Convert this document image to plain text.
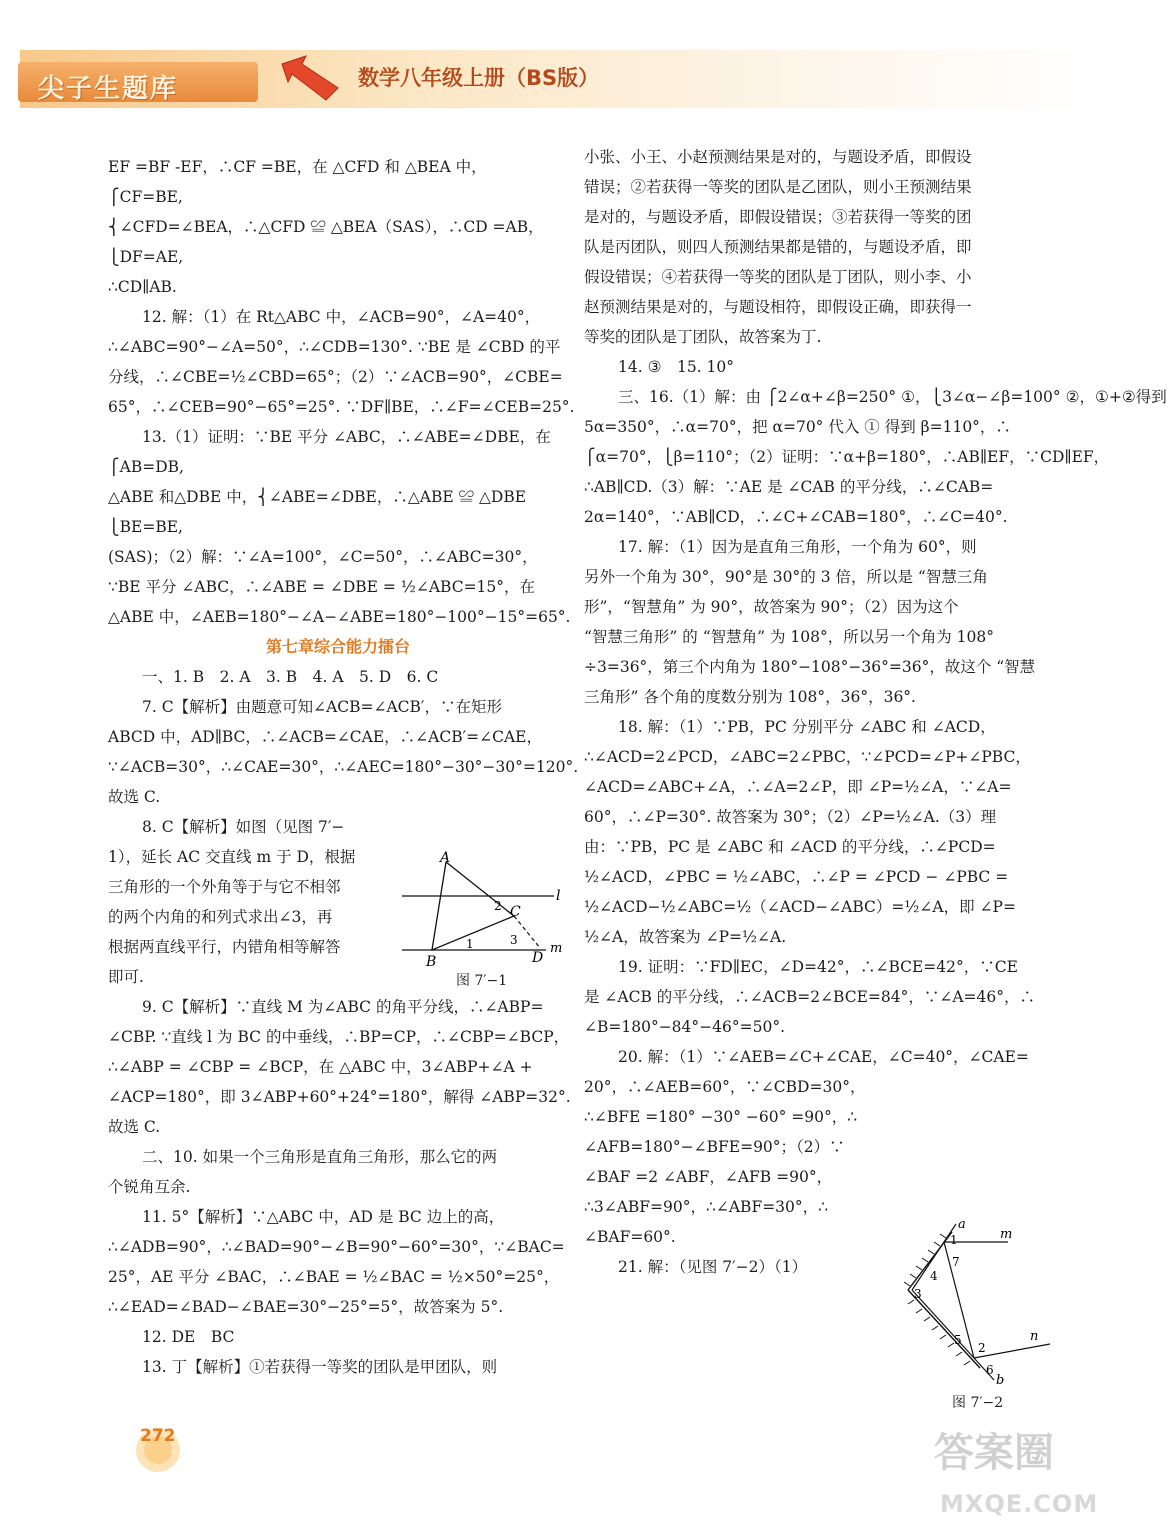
尖子生题库	数学八年级上册（BS版）
EF =BF -EF，∴CF =BE，在 △CFD 和 △BEA 中，
⎧CF=BE,
⎨∠CFD=∠BEA，∴△CFD ≌ △BEA（SAS），∴CD =AB，
⎩DF=AE,
∴CD∥AB.
12. 解：（1）在 Rt△ABC 中，∠ACB=90°，∠A=40°，
∴∠ABC=90°−∠A=50°，∴∠CDB=130°. ∵BE 是 ∠CBD 的平
分线，∴∠CBE=½∠CBD=65°；（2）∵∠ACB=90°，∠CBE=
65°，∴∠CEB=90°−65°=25°. ∵DF∥BE，∴∠F=∠CEB=25°.
13.（1）证明：∵BE 平分 ∠ABC，∴∠ABE=∠DBE，在
⎧AB=DB,
△ABE 和△DBE 中，⎨∠ABE=∠DBE，∴△ABE ≌ △DBE
⎩BE=BE,
(SAS)；（2）解：∵∠A=100°，∠C=50°，∴∠ABC=30°，
∵BE 平分 ∠ABC，∴∠ABE = ∠DBE = ½∠ABC=15°，在
△ABE 中，∠AEB=180°−∠A−∠ABE=180°−100°−15°=65°.
第七章综合能力擂台
一、1. B　2. A　3. B　4. A　5. D　6. C
7. C【解析】由题意可知∠ACB=∠ACB′，∵在矩形
ABCD 中，AD∥BC，∴∠ACB=∠CAE，∴∠ACB′=∠CAE，
∵∠ACB=30°，∴∠CAE=30°，∴∠AEC=180°−30°−30°=120°.
故选 C.
8. C【解析】如图（见图 7′−
1），延长 AC 交直线 m 于 D，根据
三角形的一个外角等于与它不相邻
的两个内角的和列式求出∠3，再
根据两直线平行，内错角相等解答
即可.
9. C【解析】∵直线 M 为∠ABC 的角平分线，∴∠ABP=
∠CBP. ∵直线 l 为 BC 的中垂线，∴BP=CP，∴∠CBP=∠BCP，
∴∠ABP = ∠CBP = ∠BCP，在 △ABC 中，3∠ABP+∠A +
∠ACP=180°，即 3∠ABP+60°+24°=180°，解得 ∠ABP=32°.
故选 C.
二、10. 如果一个三角形是直角三角形，那么它的两
个锐角互余.
11. 5°【解析】∵△ABC 中，AD 是 BC 边上的高，
∴∠ADB=90°，∴∠BAD=90°−∠B=90°−60°=30°，∵∠BAC=
25°，AE 平分 ∠BAC，∴∠BAE = ½∠BAC = ½×50°=25°，
∴∠EAD=∠BAD−∠BAE=30°−25°=5°，故答案为 5°.
12. DE　BC
13. 丁【解析】①若获得一等奖的团队是甲团队，则
A
B
C
D
l
m
1
2
3
图 7′−1
小张、小王、小赵预测结果是对的，与题设矛盾，即假设
错误；②若获得一等奖的团队是乙团队，则小王预测结果
是对的，与题设矛盾，即假设错误；③若获得一等奖的团
队是丙团队，则四人预测结果都是错的，与题设矛盾，即
假设错误；④若获得一等奖的团队是丁团队，则小李、小
赵预测结果是对的，与题设相符，即假设正确，即获得一
等奖的团队是丁团队，故答案为丁.
14. ③　15. 10°
三、16.（1）解：由 ⎧2∠α+∠β=250° ①，⎩3∠α−∠β=100° ②，①+②得到
5α=350°，∴α=70°，把 α=70° 代入 ① 得到 β=110°，∴
⎧α=70°，⎩β=110°；（2）证明：∵α+β=180°，∴AB∥EF，∵CD∥EF，
∴AB∥CD.（3）解：∵AE 是 ∠CAB 的平分线，∴∠CAB=
2α=140°，∵AB∥CD，∴∠C+∠CAB=180°，∴∠C=40°.
17. 解：（1）因为是直角三角形，一个角为 60°，则
另外一个角为 30°，90°是 30°的 3 倍，所以是 “智慧三角
形”，“智慧角” 为 90°，故答案为 90°；（2）因为这个
“智慧三角形” 的 “智慧角” 为 108°，所以另一个角为 108°
÷3=36°，第三个内角为 180°−108°−36°=36°，故这个 “智慧
三角形” 各个角的度数分别为 108°，36°，36°.
18. 解：（1）∵PB，PC 分别平分 ∠ABC 和 ∠ACD，
∴∠ACD=2∠PCD，∠ABC=2∠PBC，∵∠PCD=∠P+∠PBC，
∠ACD=∠ABC+∠A，∴∠A=2∠P，即 ∠P=½∠A，∵∠A=
60°，∴∠P=30°. 故答案为 30°；（2）∠P=½∠A.（3）理
由：∵PB，PC 是 ∠ABC 和 ∠ACD 的平分线，∴∠PCD=
½∠ACD，∠PBC = ½∠ABC，∴∠P = ∠PCD − ∠PBC =
½∠ACD−½∠ABC=½（∠ACD−∠ABC）=½∠A，即 ∠P=
½∠A，故答案为 ∠P=½∠A.
19. 证明：∵FD∥EC，∠D=42°，∴∠BCE=42°，∵CE
是 ∠ACB 的平分线，∴∠ACB=2∠BCE=84°，∵∠A=46°，∴
∠B=180°−84°−46°=50°.
20. 解：（1）∵∠AEB=∠C+∠CAE，∠C=40°，∠CAE=
20°，∴∠AEB=60°，∵∠CBD=30°，
∴∠BFE =180° −30° −60° =90°，∴
∠AFB=180°−∠BFE=90°；（2）∵
∠BAF =2 ∠ABF，∠AFB =90°，
∴3∠ABF=90°，∴∠ABF=30°，∴
∠BAF=60°.
21. 解：（见图 7′−2）（1）
a
b
m
n
1
2
3
4
5
6
7
图 7′−2
272	答案圈
MXQE.COM
